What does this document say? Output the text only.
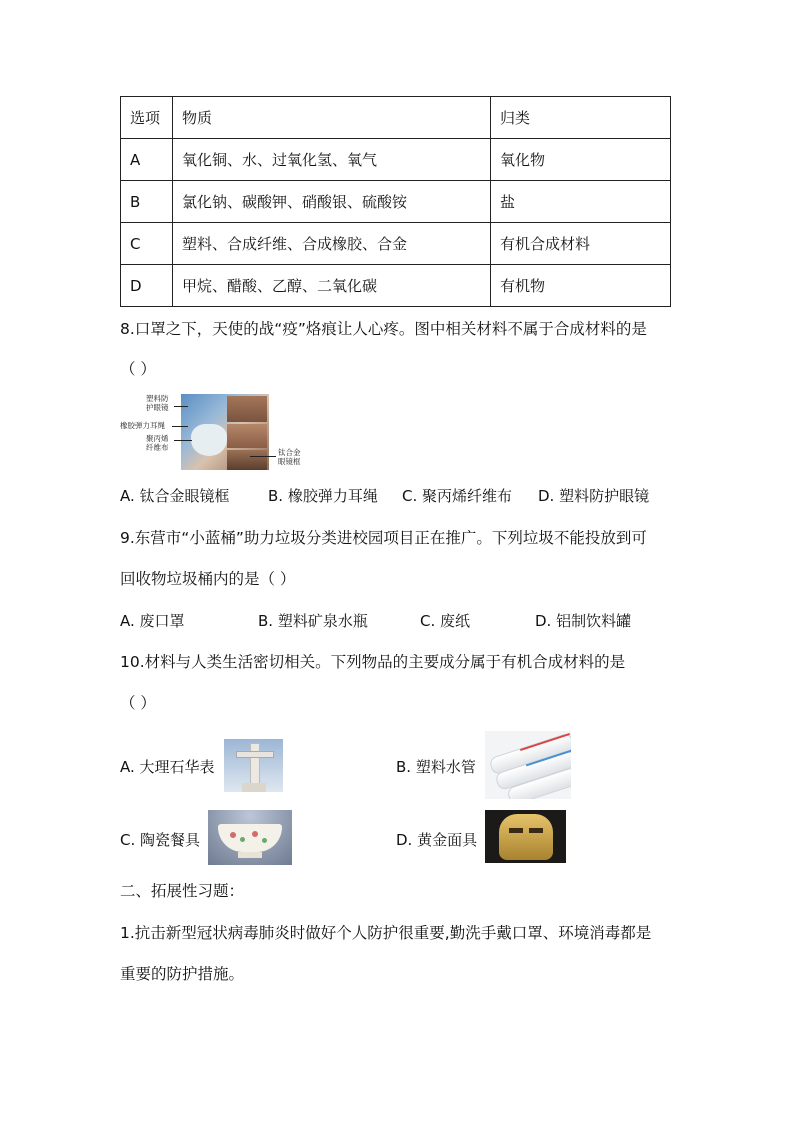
选项	物质	归类
A	氧化铜、水、过氧化氢、氧气	氧化物
B	氯化钠、碳酸钾、硝酸银、硫酸铵	盐
C	塑料、合成纤维、合成橡胶、合金	有机合成材料
D	甲烷、醋酸、乙醇、二氧化碳	有机物
8.口罩之下，天使的战“疫”烙痕让人心疼。图中相关材料不属于合成材料的是
（ ）
塑料防
护眼镜
橡胶弹力耳绳
聚丙烯
纤维布
钛合金
眼镜框
A. 钛合金眼镜框	B. 橡胶弹力耳绳 C. 聚丙烯纤维布 D. 塑料防护眼镜
9.东营市“小蓝桶”助力垃圾分类进校园项目正在推广。下列垃圾不能投放到可
回收物垃圾桶内的是（ ）
A. 废口罩	B. 塑料矿泉水瓶	C. 废纸	D. 铝制饮料罐
10.材料与人类生活密切相关。下列物品的主要成分属于有机合成材料的是
（ ）
A. 大理石华表	B. 塑料水管
C. 陶瓷餐具	D. 黄金面具
二、拓展性习题：
1.抗击新型冠状病毒肺炎时做好个人防护很重要,勤洗手戴口罩、环境消毒都是
重要的防护措施。
